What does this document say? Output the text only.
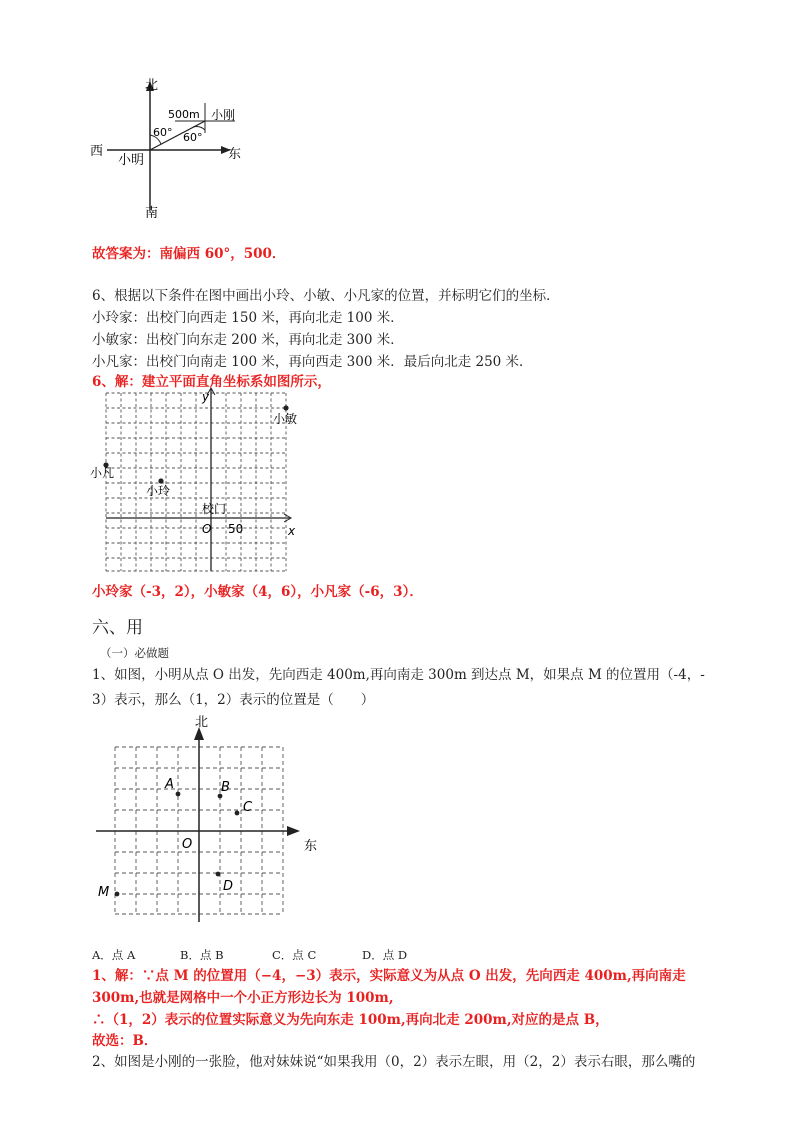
北
南
西	东
小明
500m 小刚
60° 60°
故答案为：南偏西 60°，500．
6、根据以下条件在图中画出小玲、小敏、小凡家的位置，并标明它们的坐标．
小玲家：出校门向西走 150 米，再向北走 100 米．
小敏家：出校门向东走 200 米，再向北走 300 米．
小凡家：出校门向南走 100 米，再向西走 300 米．最后向北走 250 米．
6、解：建立平面直角坐标系如图所示，
y
x
O 50
校门
小敏
小凡
小玲
小玲家（-3，2），小敏家（4，6），小凡家（-6，3）．
六、用
（一）必做题
1、如图，小明从点 O 出发，先向西走 400m,再向南走 300m 到达点 M，如果点 M 的位置用（-4，-
3）表示，那么（1，2）表示的位置是（　　）
北
东
O
A	B
C
D
M
A．点 A	B．点 B	C．点 C	D．点 D
1、解：∵点 M 的位置用（−4，−3）表示，实际意义为从点 O 出发，先向西走 400m,再向南走
300m,也就是网格中一个小正方形边长为 100m,
∴（1，2）表示的位置实际意义为先向东走 100m,再向北走 200m,对应的是点 B，
故选：B．
2、如图是小刚的一张脸，他对妹妹说“如果我用（0，2）表示左眼，用（2，2）表示右眼，那么嘴的
